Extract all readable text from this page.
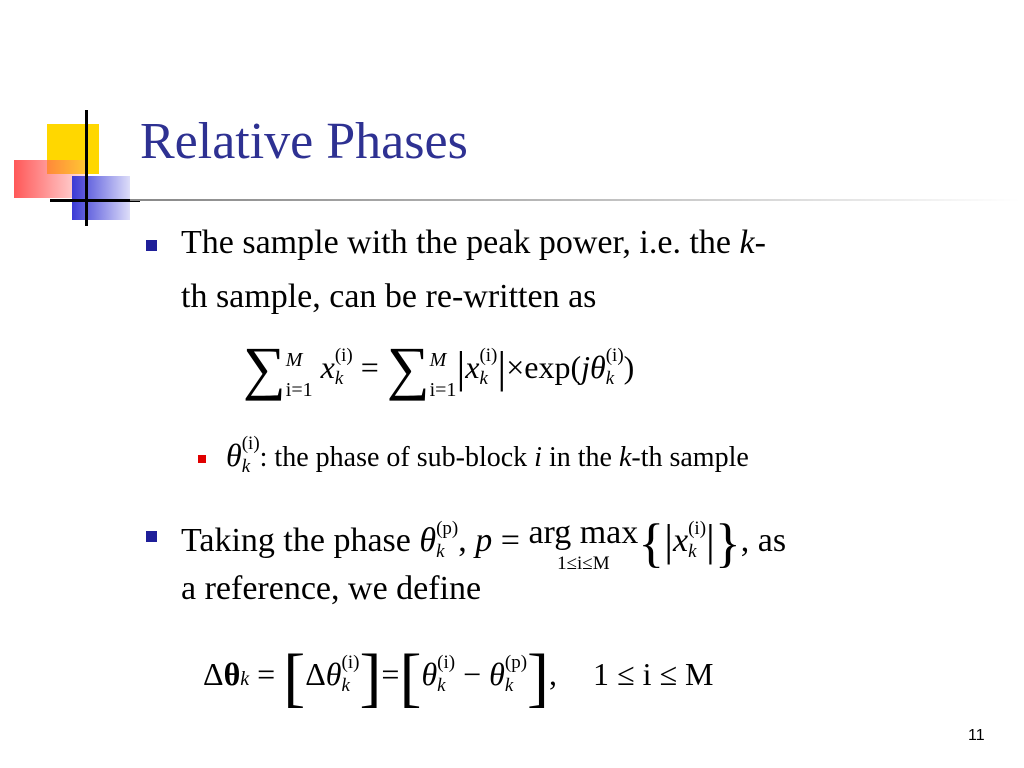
Relative Phases
The sample with the peak power, i.e. the k-
th sample, can be re-written as
∑ M
i=1
x (i)
k = ∑ M
i=1 |x (i)
k |×exp(jθ (i)
k )
θ (i)
k : the phase of sub-block i in the k-th sample
Taking the phase θ (p)
k , p = arg max
1≤i≤M {|x (i)
k |}, as
a reference, we define
Δθk = [Δθ (i)
k ]=[θ (i)
k − θ (p)
k ], 1 ≤ i ≤ M
11
